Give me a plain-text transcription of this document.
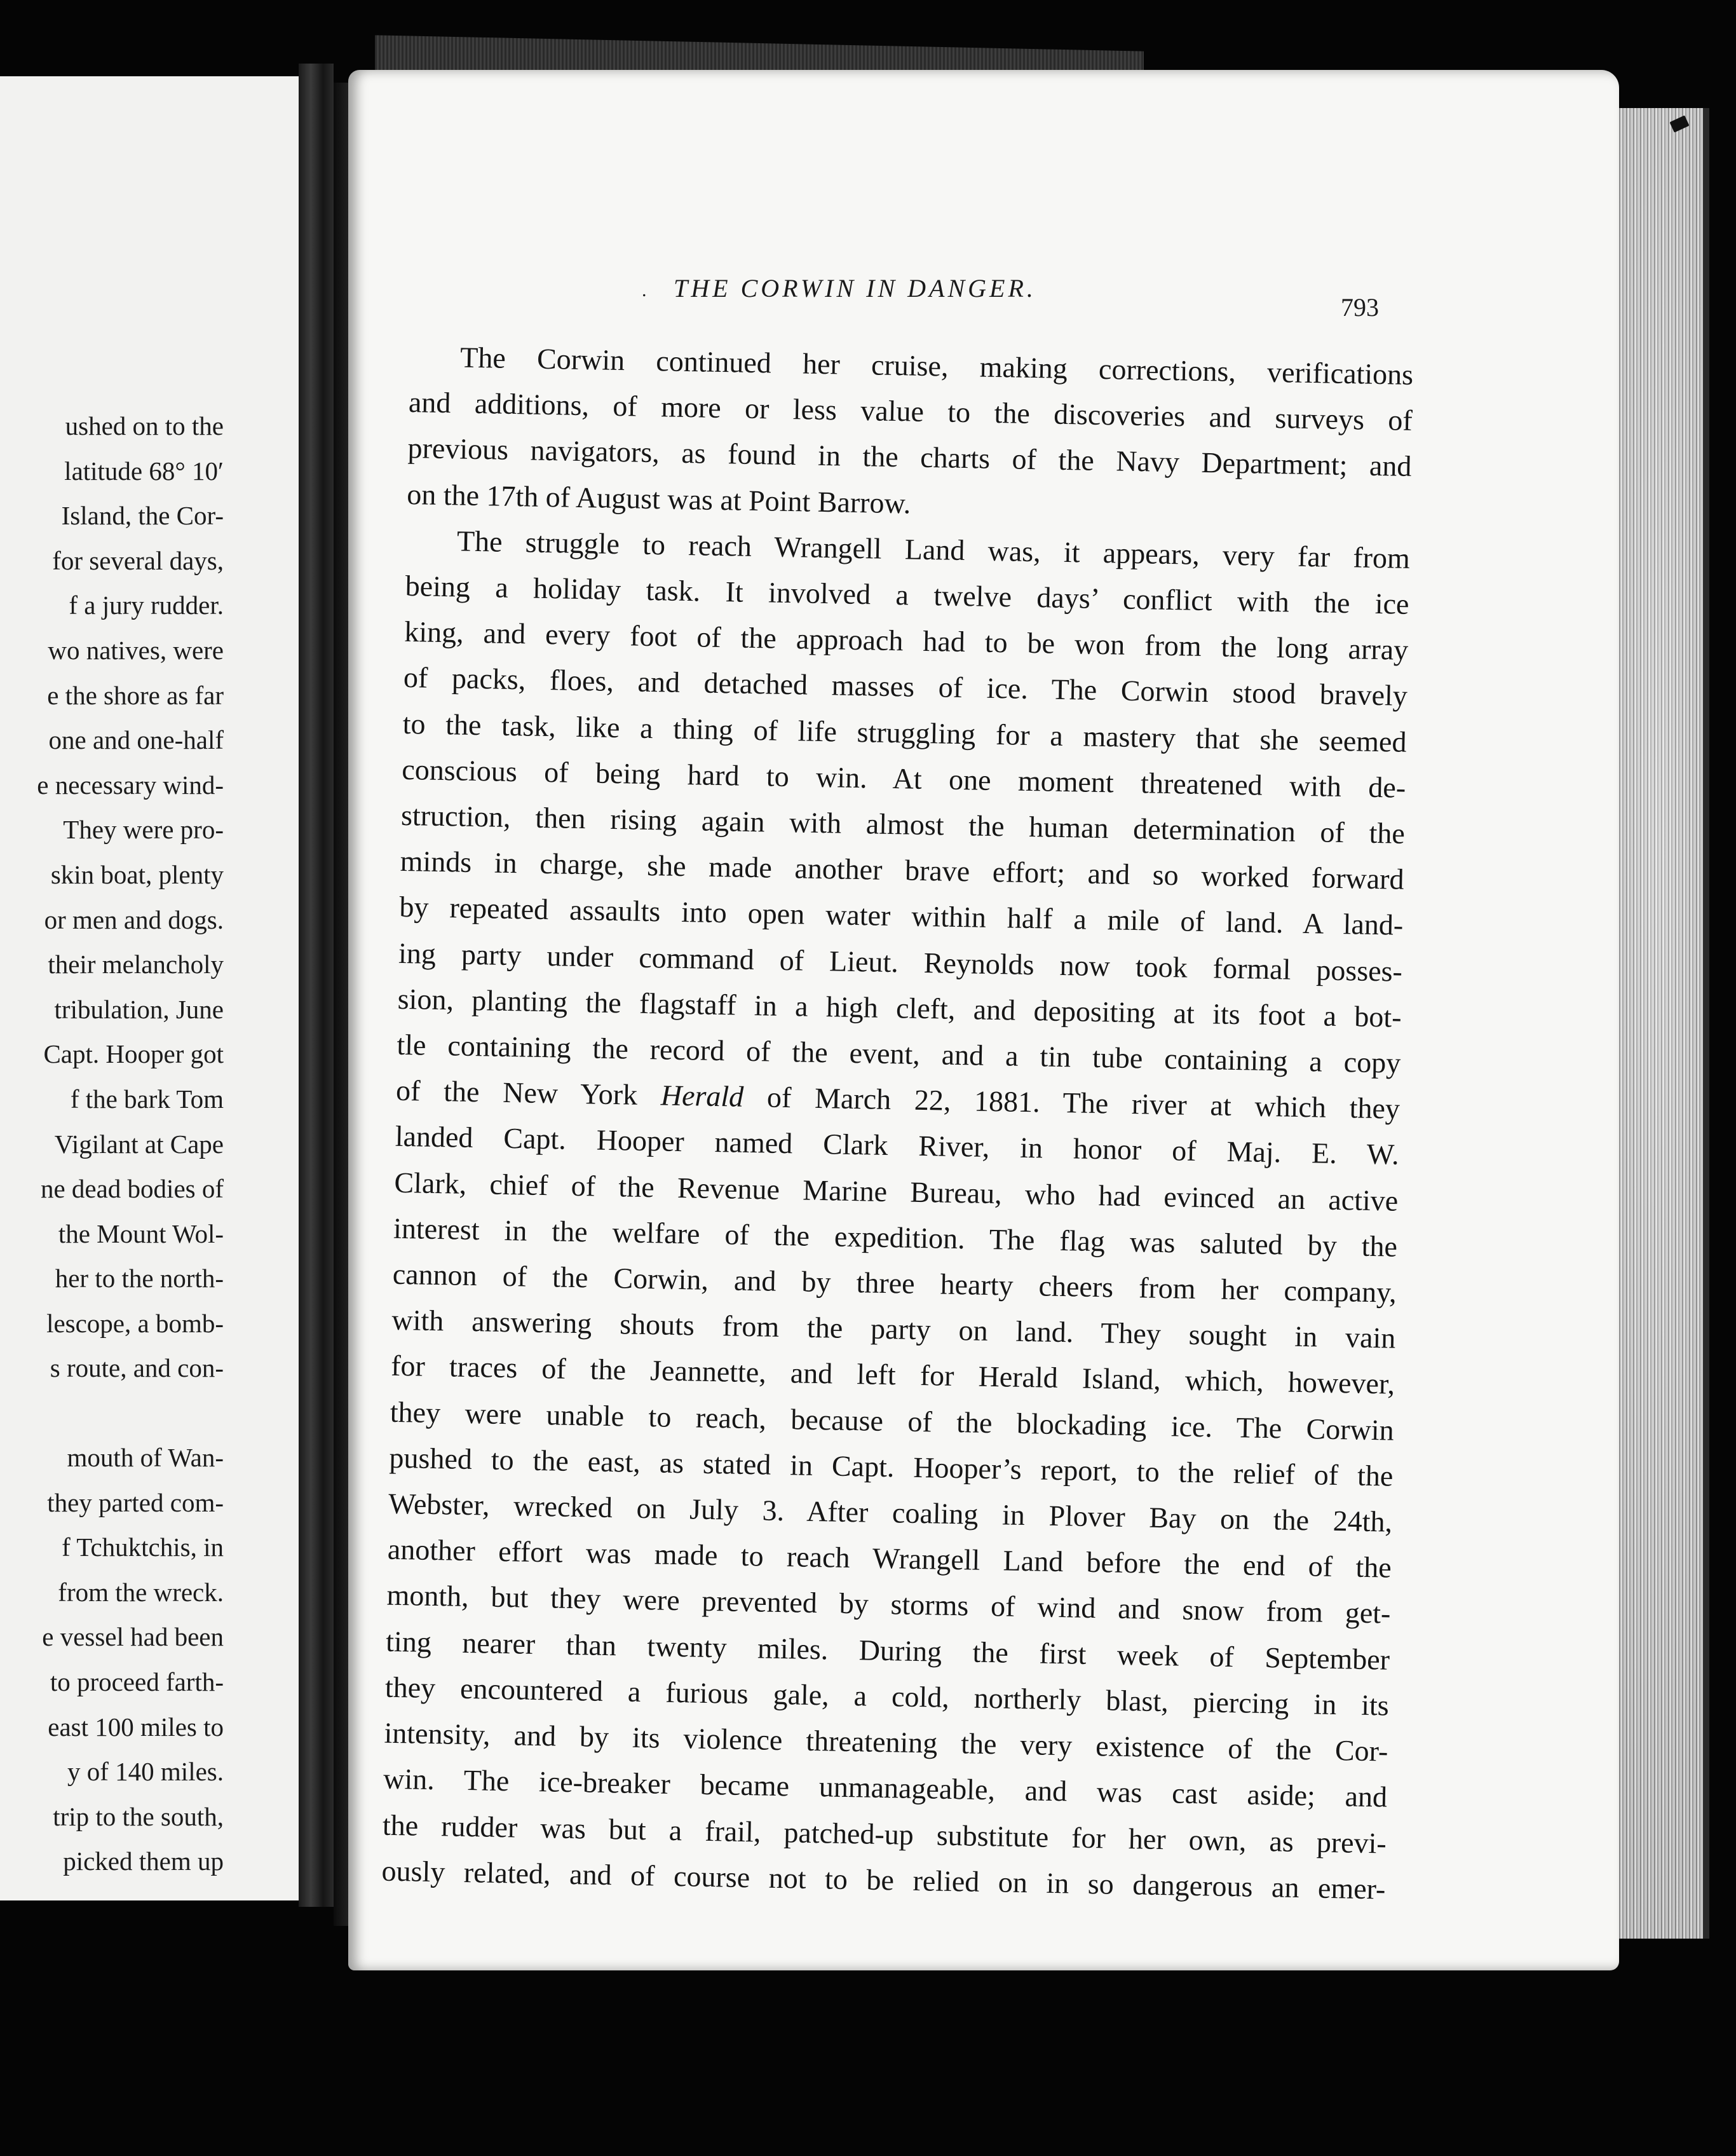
ushed on to the
latitude 68° 10′
Island, the Cor-
for several days,
f a jury rudder.
wo natives, were
e the shore as far
one and one-half
e necessary wind-
They were pro-
skin boat, plenty
or men and dogs.
their melancholy
tribulation, June
Capt. Hooper got
f the bark Tom
Vigilant at Cape
ne dead bodies of
the Mount Wol-
her to the north-
lescope, a bomb-
s route, and con-

mouth of Wan-
they parted com-
f Tchuktchis, in
from the wreck.
e vessel had been
to proceed farth-
east 100 miles to
y of 140 miles.
trip to the south,
picked them up
. THE CORWIN IN DANGER.
793
The Corwin continued her cruise, making corrections, verifications
and additions, of more or less value to the discoveries and surveys of
previous navigators, as found in the charts of the Navy Department; and
on the 17th of August was at Point Barrow.
The struggle to reach Wrangell Land was, it appears, very far from
being a holiday task. It involved a twelve days’ conflict with the ice
king, and every foot of the approach had to be won from the long array
of packs, floes, and detached masses of ice. The Corwin stood bravely
to the task, like a thing of life struggling for a mastery that she seemed
conscious of being hard to win. At one moment threatened with de-
struction, then rising again with almost the human determination of the
minds in charge, she made another brave effort; and so worked forward
by repeated assaults into open water within half a mile of land. A land-
ing party under command of Lieut. Reynolds now took formal posses-
sion, planting the flagstaff in a high cleft, and depositing at its foot a bot-
tle containing the record of the event, and a tin tube containing a copy
of the New York Herald of March 22, 1881. The river at which they
landed Capt. Hooper named Clark River, in honor of Maj. E. W.
Clark, chief of the Revenue Marine Bureau, who had evinced an active
interest in the welfare of the expedition. The flag was saluted by the
cannon of the Corwin, and by three hearty cheers from her company,
with answering shouts from the party on land. They sought in vain
for traces of the Jeannette, and left for Herald Island, which, however,
they were unable to reach, because of the blockading ice. The Corwin
pushed to the east, as stated in Capt. Hooper’s report, to the relief of the
Webster, wrecked on July 3. After coaling in Plover Bay on the 24th,
another effort was made to reach Wrangell Land before the end of the
month, but they were prevented by storms of wind and snow from get-
ting nearer than twenty miles. During the first week of September
they encountered a furious gale, a cold, northerly blast, piercing in its
intensity, and by its violence threatening the very existence of the Cor-
win. The ice-breaker became unmanageable, and was cast aside; and
the rudder was but a frail, patched-up substitute for her own, as previ-
ously related, and of course not to be relied on in so dangerous an emer-
